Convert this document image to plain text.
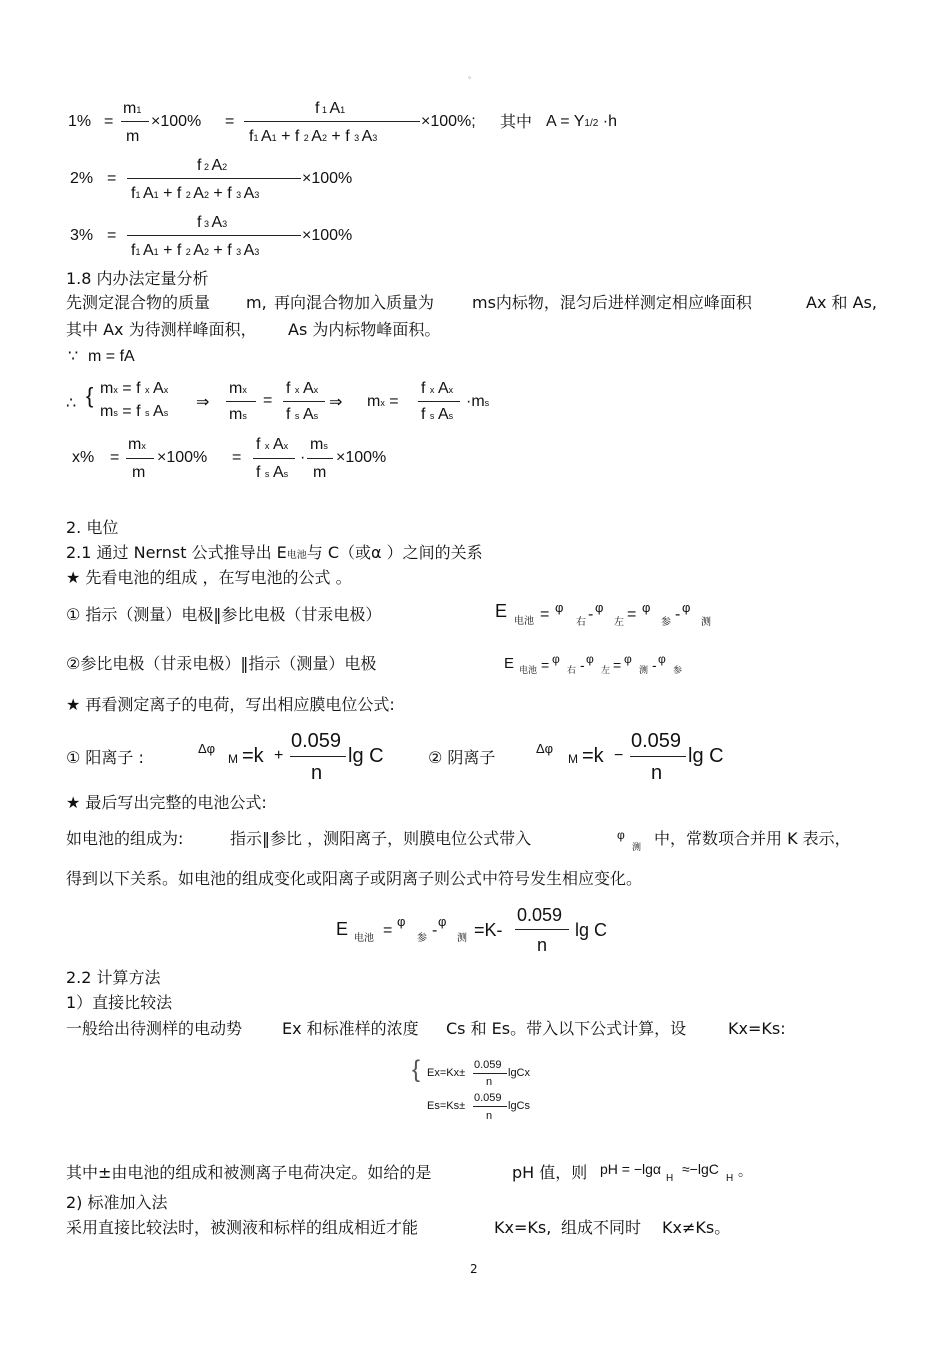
。
1% =
m1
m
×100% =
f 1 A1
f1 A1 + f 2 A2 + f 3 A3
×100%; 其中 A = Y1/2 ·h
2% =
f 2 A2
f1 A1 + f 2 A2 + f 3 A3
×100%
3% =
f 3 A3
f1 A1 + f 2 A2 + f 3 A3
×100%
1.8 内办法定量分析
先测定混合物的质量 m, 再向混合物加入质量为 ms内标物，混匀后进样测定相应峰面积	Ax 和 As,
其中 Ax 为待测样峰面积， As 为内标物峰面积。
∵ m = fA
∴ { mx = f x Ax
ms = f s As
⇒
mx
ms
=
f x Ax
f s As
⇒ mx =
f x Ax
f s As
·ms
x% =
mx
m
×100% =
f x Ax
f s As
·
ms
m
×100%
2. 电位
2.1 通过 Nernst 公式推导出 E电池与 C（或α ）之间的关系
★ 先看电池的组成 ，在写电池的公式 。
① 指示（测量）电极‖参比电极（甘汞电极）	E
电池 = φ
右 - φ
左 = φ
参 - φ
测
②参比电极（甘汞电极）‖指示（测量）电极	E 电池 = φ
右 - φ
左 = φ
测 - φ
参
★ 再看测定离子的电荷，写出相应膜电位公式:
① 阳离子 :	Δφ
M =k +
0.059
n
lg C	② 阴离子	Δφ
M =k −
0.059
n
lg C
★ 最后写出完整的电池公式:
如电池的组成为:	指示‖参比 ，测阳离子，则膜电位公式带入	φ
测 中，常数项合并用 K 表示，
得到以下关系。如电池的组成变化或阳离子或阴离子则公式中符号发生相应变化。
E 电池 =
φ
参 -
φ
测 =K-
0.059
n
lg C
2.2 计算方法
1）直接比较法
一般给出待测样的电动势 Ex 和标准样的浓度 Cs 和 Es。带入以下公式计算，设	Kx=Ks:
{ Ex=Kx±
0.059
n
lgCx
Es=Ks±
0.059
n
lgCs
其中±由电池的组成和被测离子电荷决定。如给的是	pH 值，则 pH = −lgα
H
≈−lgC
H 。
2) 标准加入法
采用直接比较法时，被测液和标样的组成相近才能	Kx=Ks, 组成不同时 Kx≠Ks。
2
